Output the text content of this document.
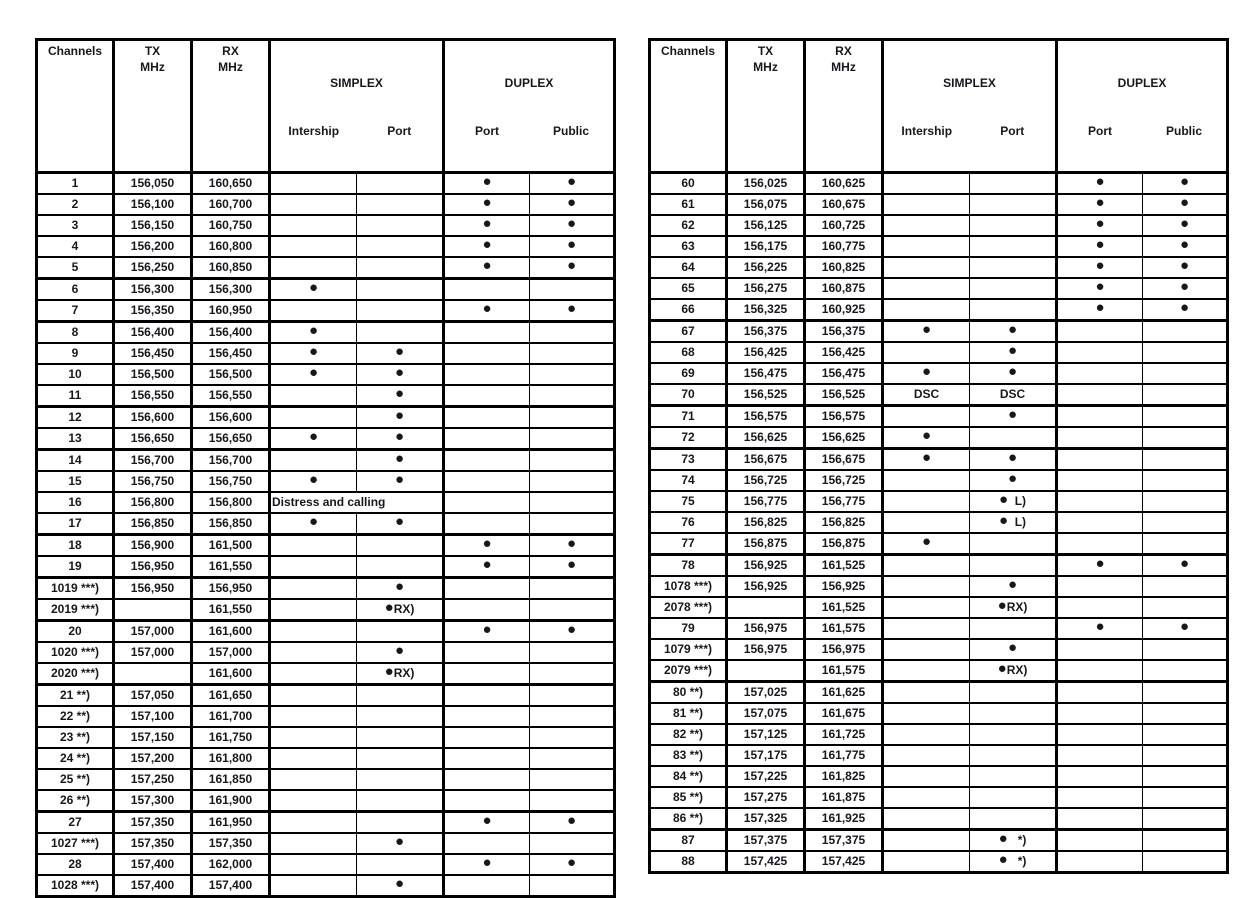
Channels	TX
MHz

RX
MHz

SIMPLEX

Intership	Port

DUPLEX

Port	Public

1	156,050	160,650			●	●
2	156,100	160,700			●	●
3	156,150	160,750			●	●
4	156,200	160,800			●	●
5	156,250	160,850			●	●
6	156,300	156,300	●			
7	156,350	160,950			●	●
8	156,400	156,400	●			
9	156,450	156,450	●	●		
10	156,500	156,500	●	●		
11	156,550	156,550		●		
12	156,600	156,600		●		
13	156,650	156,650	●	●		
14	156,700	156,700		●		
15	156,750	156,750	●	●		
16	156,800	156,800	Distress and calling			
17	156,850	156,850	●	●		
18	156,900	161,500			●	●
19	156,950	161,550			●	●
1019 ***)	156,950	156,950		●		
2019 ***)		161,550		●RX)		
20	157,000	161,600			●	●
1020 ***)	157,000	157,000		●		
2020 ***)		161,600		●RX)		
21 **)	157,050	161,650				
22 **)	157,100	161,700				
23 **)	157,150	161,750				
24 **)	157,200	161,800				
25 **)	157,250	161,850				
26 **)	157,300	161,900				
27	157,350	161,950			●	●
1027 ***)	157,350	157,350		●		
28	157,400	162,000			●	●
1028 ***)	157,400	157,400		●		
Channels	TX
MHz

RX
MHz

SIMPLEX

Intership	Port

DUPLEX

Port	Public

60	156,025	160,625			●	●
61	156,075	160,675			●	●
62	156,125	160,725			●	●
63	156,175	160,775			●	●
64	156,225	160,825			●	●
65	156,275	160,875			●	●
66	156,325	160,925			●	●
67	156,375	156,375	●	●		
68	156,425	156,425		●		
69	156,475	156,475	●	●		
70	156,525	156,525	DSC	DSC		
71	156,575	156,575		●		
72	156,625	156,625	●			
73	156,675	156,675	●	●		
74	156,725	156,725		●		
75	156,775	156,775		●  L)		
76	156,825	156,825		●  L)		
77	156,875	156,875	●			
78	156,925	161,525			●	●
1078 ***)	156,925	156,925		●		
2078 ***)		161,525		●RX)		
79	156,975	161,575			●	●
1079 ***)	156,975	156,975		●		
2079 ***)		161,575		●RX)		
80 **)	157,025	161,625				
81 **)	157,075	161,675				
82 **)	157,125	161,725				
83 **)	157,175	161,775				
84 **)	157,225	161,825				
85 **)	157,275	161,875				
86 **)	157,325	161,925				
87	157,375	157,375		●   *)		
88	157,425	157,425		●   *)		
